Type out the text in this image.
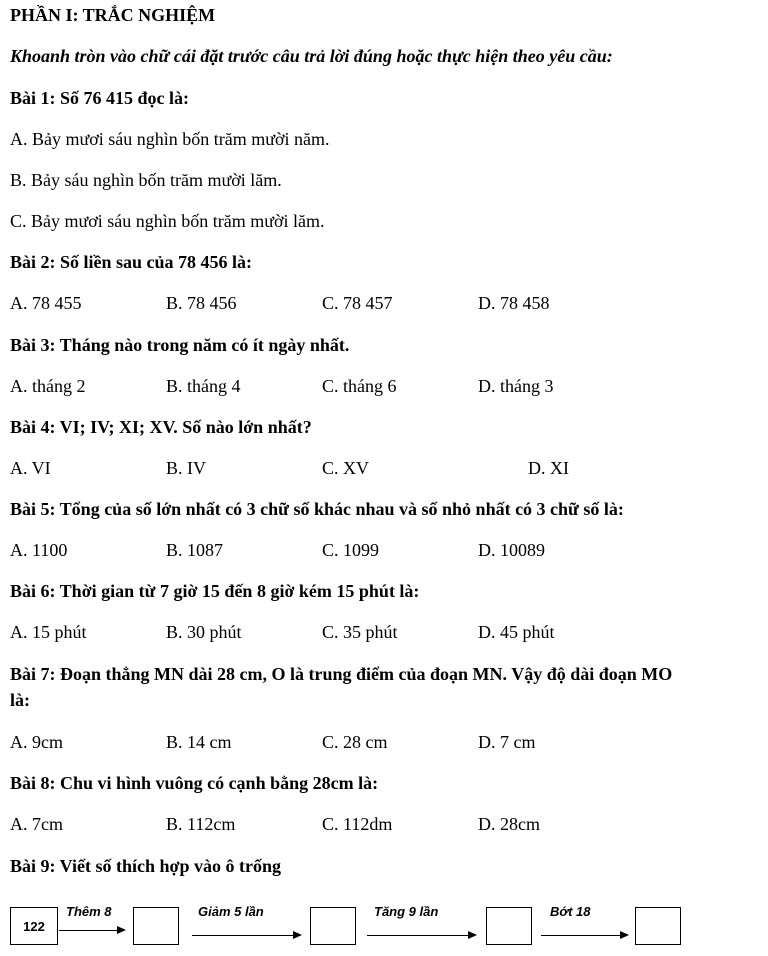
PHẦN I: TRẮC NGHIỆM
Khoanh tròn vào chữ cái đặt trước câu trả lời đúng hoặc thực hiện theo yêu cầu:
Bài 1: Số 76 415 đọc là:
A. Bảy mươi sáu nghìn bốn trăm mười năm.
B. Bảy sáu nghìn bốn trăm mười lăm.
C. Bảy mươi sáu nghìn bốn trăm mười lăm.
Bài 2: Số liền sau của 78 456 là:
A. 78 455	B. 78 456	C. 78 457	D. 78 458
Bài 3: Tháng nào trong năm có ít ngày nhất.
A. tháng 2	B. tháng 4	C. tháng 6	D. tháng 3
Bài 4: VI; IV; XI; XV. Số nào lớn nhất?
A. VI	B. IV	C. XV	D. XI
Bài 5: Tổng của số lớn nhất có 3 chữ số khác nhau và số nhỏ nhất có 3 chữ số là:
A. 1100	B. 1087	C. 1099	D. 10089
Bài 6: Thời gian từ 7 giờ 15 đến 8 giờ kém 15 phút là:
A. 15 phút	B. 30 phút	C. 35 phút	D. 45 phút
Bài 7: Đoạn thẳng MN dài 28 cm, O là trung điểm của đoạn MN. Vậy độ dài đoạn MO
là:
A. 9cm	B. 14 cm	C. 28 cm	D. 7 cm
Bài 8: Chu vi hình vuông có cạnh bằng 28cm là:
A. 7cm	B. 112cm	C. 112dm	D. 28cm
Bài 9: Viết số thích hợp vào ô trống
122
Thêm 8	Giảm 5 lần	Tăng 9 lần	Bớt 18
